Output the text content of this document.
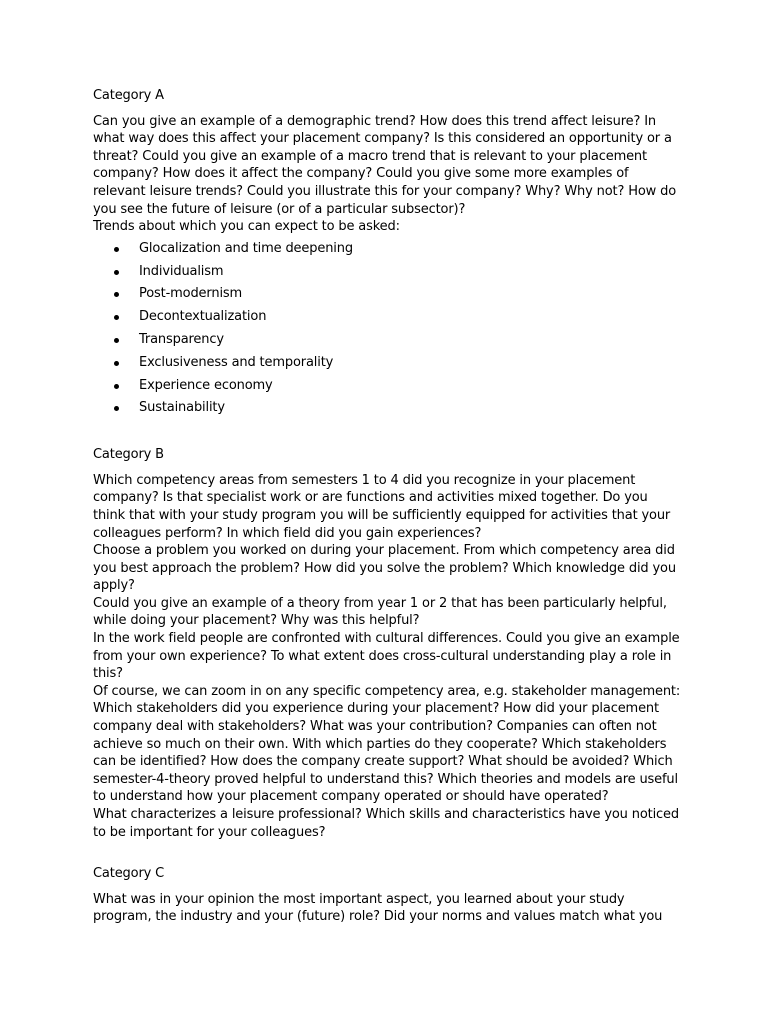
Category A

Can you give an example of a demographic trend? How does this trend affect leisure? In what way does this affect your placement company? Is this considered an opportunity or a threat? Could you give an example of a macro trend that is relevant to your placement company? How does it affect the company? Could you give some more examples of relevant leisure trends? Could you illustrate this for your company? Why? Why not? How do you see the future of leisure (or of a particular subsector)?

Trends about which you can expect to be asked:

Glocalization and time deepening
Individualism
Post-modernism
Decontextualization
Transparency
Exclusiveness and temporality
Experience economy
Sustainability

Category B

Which competency areas from semesters 1 to 4 did you recognize in your placement company? Is that specialist work or are functions and activities mixed together. Do you think that with your study program you will be sufficiently equipped for activities that your colleagues perform? In which field did you gain experiences?

Choose a problem you worked on during your placement. From which competency area did you best approach the problem? How did you solve the problem? Which knowledge did you apply?

Could you give an example of a theory from year 1 or 2 that has been particularly helpful, while doing your placement? Why was this helpful?

In the work field people are confronted with cultural differences. Could you give an example from your own experience? To what extent does cross-cultural understanding play a role in this?

Of course, we can zoom in on any specific competency area, e.g. stakeholder management: Which stakeholders did you experience during your placement? How did your placement company deal with stakeholders? What was your contribution? Companies can often not achieve so much on their own. With which parties do they cooperate? Which stakeholders can be identified? How does the company create support? What should be avoided? Which semester-4-theory proved helpful to understand this? Which theories and models are useful to understand how your placement company operated or should have operated?

What characterizes a leisure professional? Which skills and characteristics have you noticed to be important for your colleagues?

Category C

What was in your opinion the most important aspect, you learned about your study program, the industry and your (future) role? Did your norms and values match what you
